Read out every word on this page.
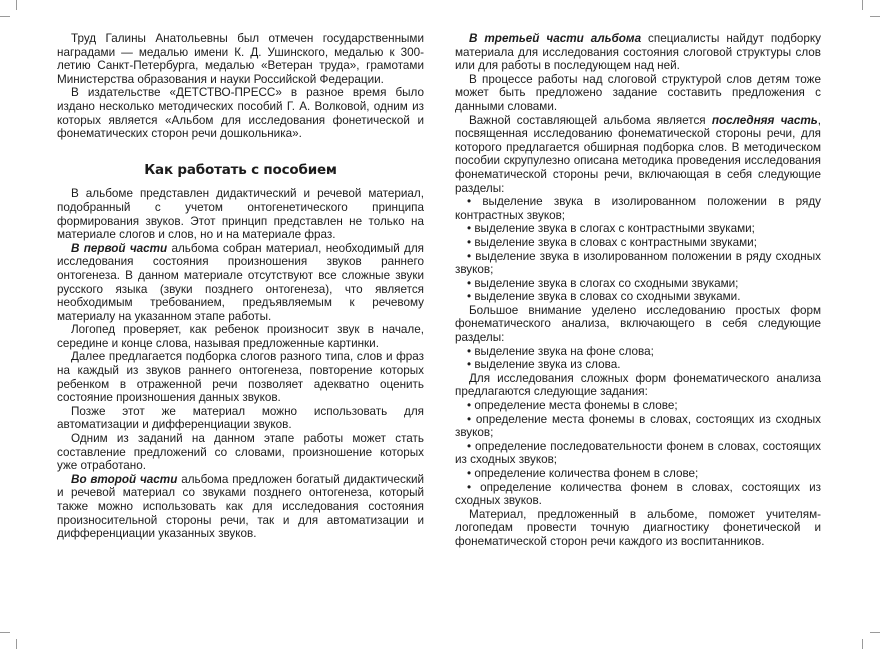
Труд Галины Анатольевны был отмечен государственными наградами — медалью имени К. Д. Ушинского, медалью к 300-летию Санкт-Петербурга, медалью «Ветеран труда», грамотами Министерства образования и науки Российской Федерации.

В издательстве «ДЕТСТВО-ПРЕСС» в разное время было издано несколько методических пособий Г. А. Волковой, одним из которых является «Альбом для исследования фонетической и фонематических сторон речи дошкольника».

Как работать с пособием

В альбоме представлен дидактический и речевой материал, подобранный с учетом онтогенетического принципа формирования звуков. Этот принцип представлен не только на материале слогов и слов, но и на материале фраз.

В первой части альбома собран материал, необходимый для исследования состояния произношения звуков раннего онтогенеза. В данном материале отсутствуют все сложные звуки русского языка (звуки позднего онтогенеза), что является необходимым требованием, предъявляемым к речевому материалу на указанном этапе работы.

Логопед проверяет, как ребенок произносит звук в начале, середине и конце слова, называя предложенные картинки.

Далее предлагается подборка слогов разного типа, слов и фраз на каждый из звуков раннего онтогенеза, повторение которых ребенком в отраженной речи позволяет адекватно оценить состояние произношения данных звуков.

Позже этот же материал можно использовать для автоматизации и дифференциации звуков.

Одним из заданий на данном этапе работы может стать составление предложений со словами, произношение которых уже отработано.

Во второй части альбома предложен богатый дидактический и речевой материал со звуками позднего онтогенеза, который также можно использовать как для исследования состояния произносительной стороны речи, так и для автоматизации и дифференциации указанных звуков.

В третьей части альбома специалисты найдут подборку материала для исследования состояния слоговой структуры слов или для работы в последующем над ней.

В процессе работы над слоговой структурой слов детям тоже может быть предложено задание составить предложения с данными словами.

Важной составляющей альбома является последняя часть, посвященная исследованию фонематической стороны речи, для которого предлагается обширная подборка слов. В методическом пособии скрупулезно описана методика проведения исследования фонематической стороны речи, включающая в себя следующие разделы:

• выделение звука в изолированном положении в ряду контрастных звуков;

• выделение звука в слогах с контрастными звуками;

• выделение звука в словах с контрастными звуками;

• выделение звука в изолированном положении в ряду сходных звуков;

• выделение звука в слогах со сходными звуками;

• выделение звука в словах со сходными звуками.

Большое внимание уделено исследованию простых форм фонематического анализа, включающего в себя следующие разделы:

• выделение звука на фоне слова;

• выделение звука из слова.

Для исследования сложных форм фонематического анализа предлагаются следующие задания:

• определение места фонемы в слове;

• определение места фонемы в словах, состоящих из сходных звуков;

• определение последовательности фонем в словах, состоящих из сходных звуков;

• определение количества фонем в слове;

• определение количества фонем в словах, состоящих из сходных звуков.

Материал, предложенный в альбоме, поможет учителям-логопедам провести точную диагностику фонетической и фонематической сторон речи каждого из воспитанников.
